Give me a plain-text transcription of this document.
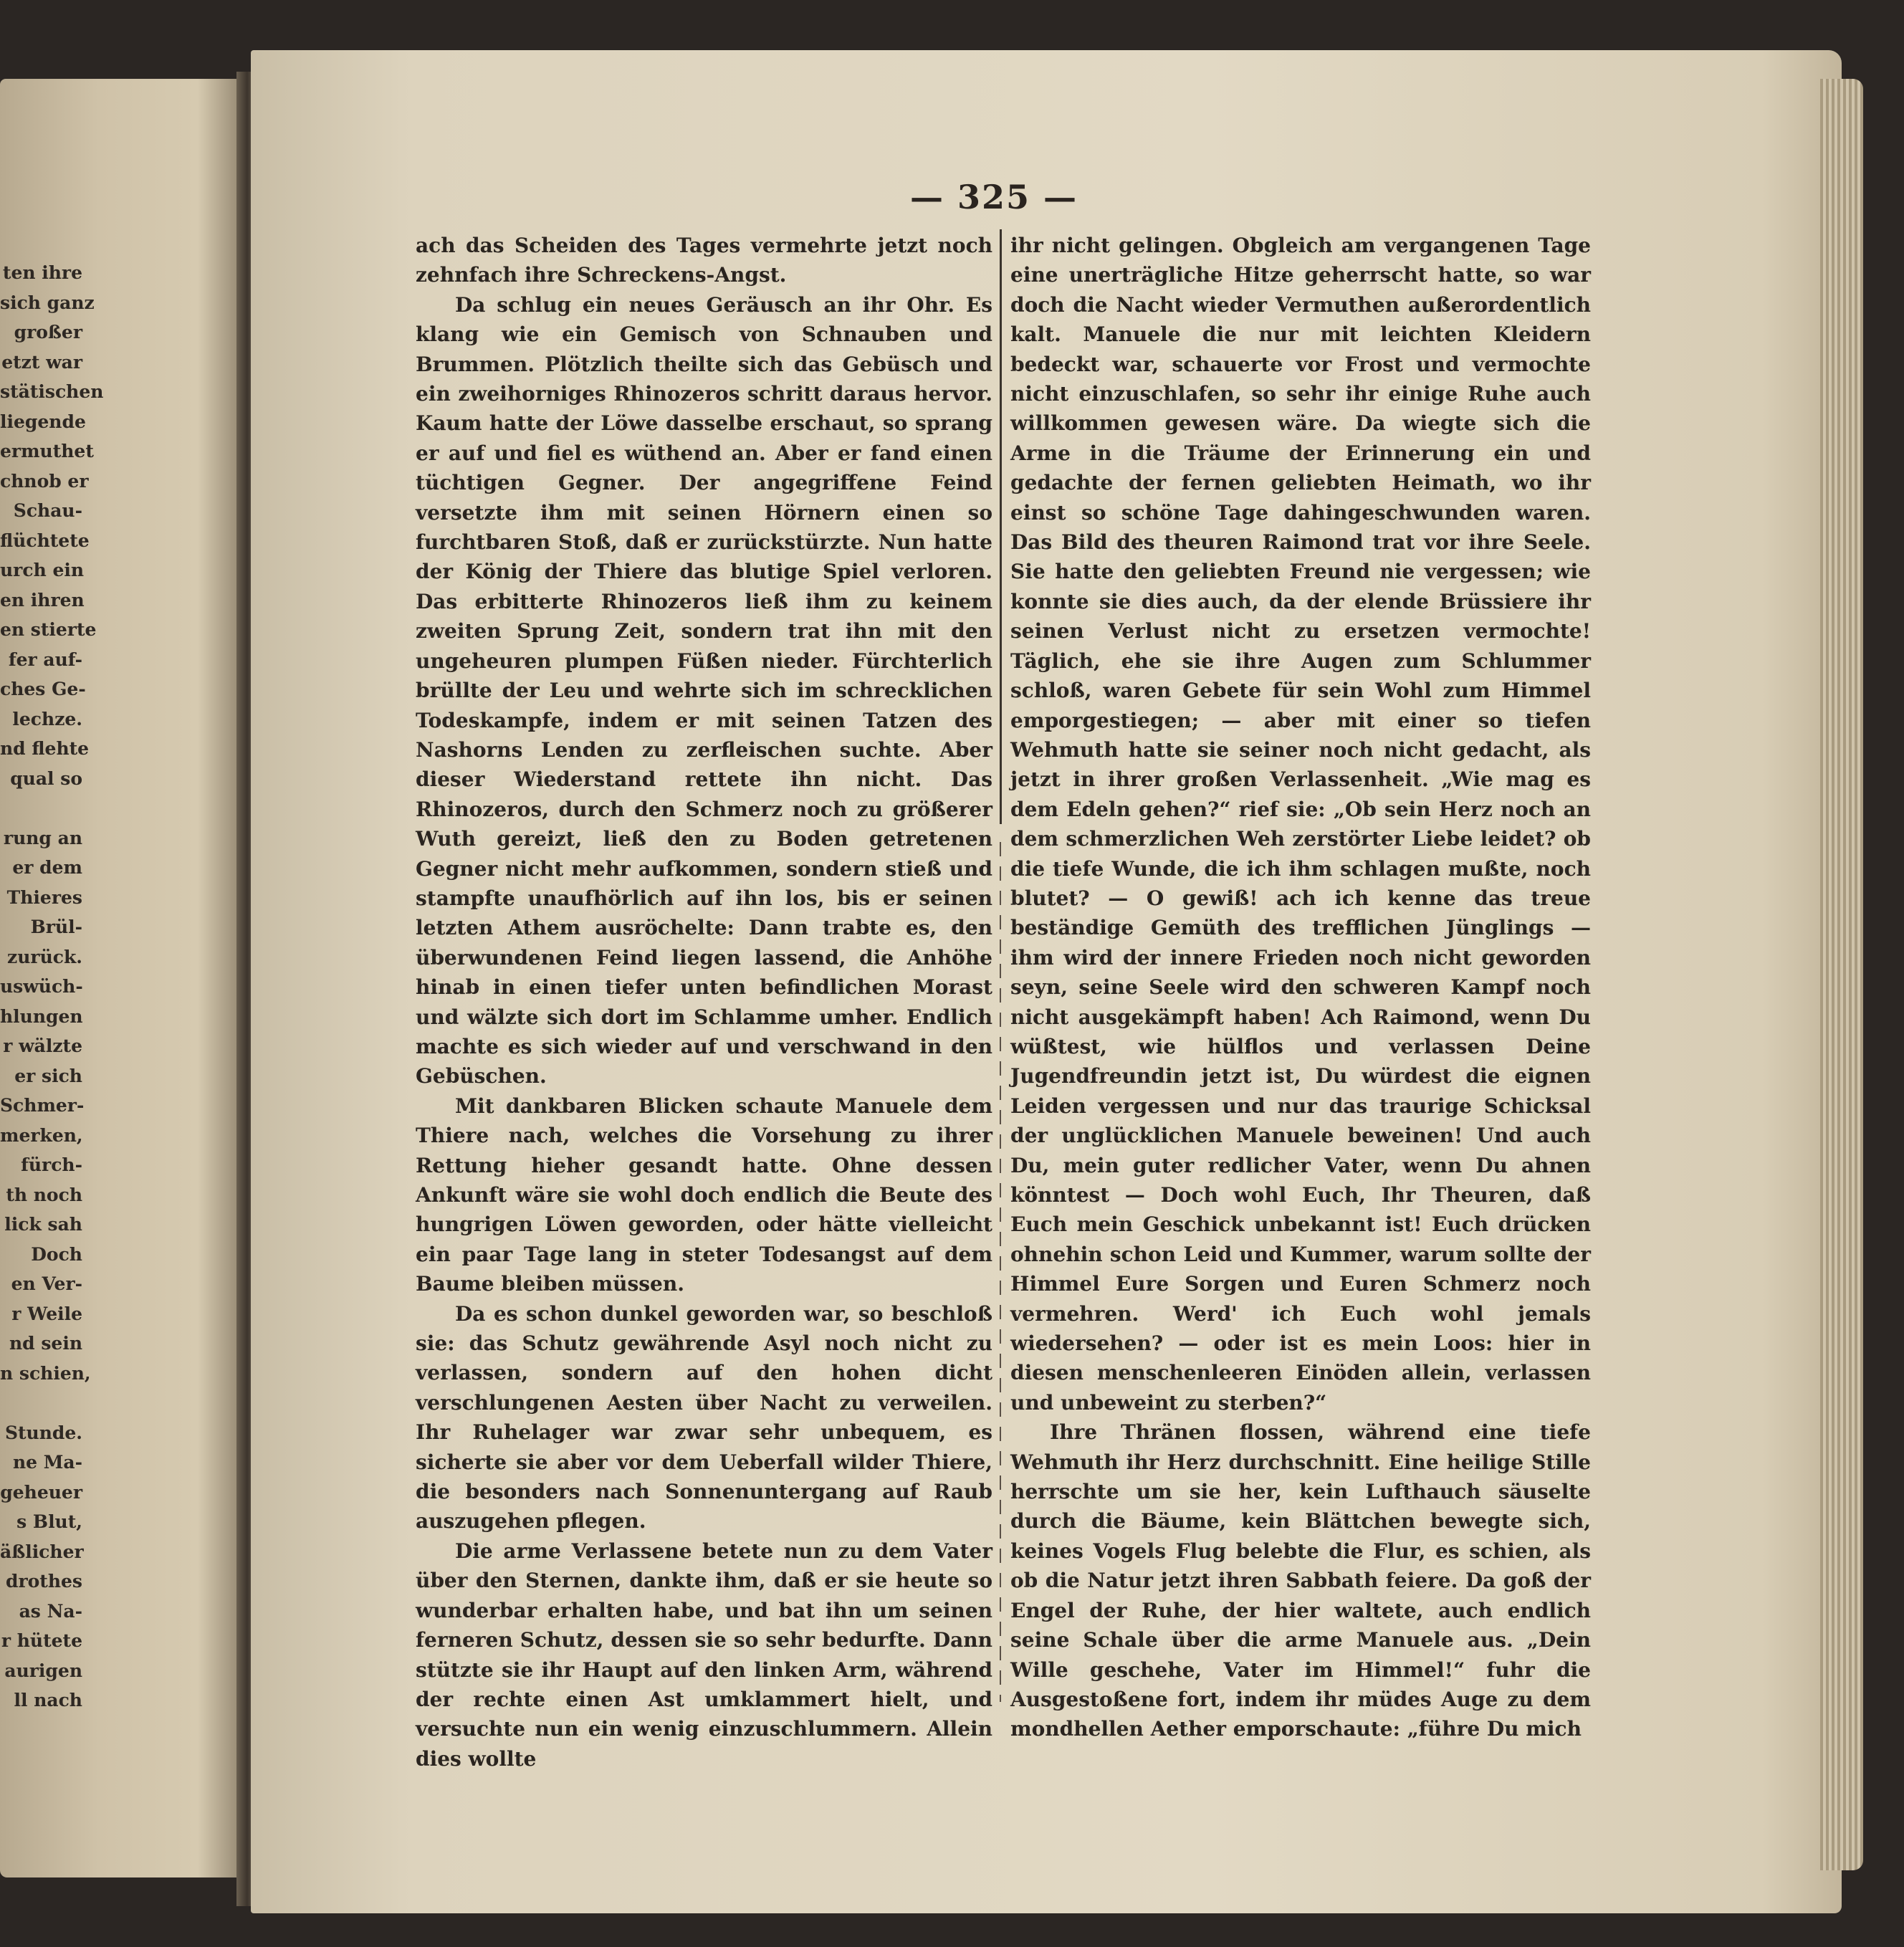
ten ihre
sich ganz
großer
etzt war
stätischen
liegende
ermuthet
chnob er
Schau-
flüchtete
urch ein
en ihren
en stierte
fer auf-
ches Ge-
lechze.
nd flehte
qual so
rung an
er dem
Thieres
Brül-
zurück.
uswüch-
hlungen
r wälzte
er sich
Schmer-
merken,
fürch-
th noch
lick sah
Doch
en Ver-
r Weile
nd sein
n schien,
Stunde.
ne Ma-
geheuer
s Blut,
äßlicher
drothes
as Na-
r hütete
aurigen
ll nach
— 325 —

ach das Scheiden des Tages vermehrte jetzt noch zehnfach ihre Schreckens-Angst.

Da schlug ein neues Geräusch an ihr Ohr. Es klang wie ein Gemisch von Schnauben und Brummen. Plötzlich theilte sich das Gebüsch und ein zweihorniges Rhinozeros schritt daraus hervor. Kaum hatte der Löwe dasselbe erschaut, so sprang er auf und fiel es wüthend an. Aber er fand einen tüchtigen Gegner. Der angegriffene Feind versetzte ihm mit seinen Hörnern einen so furchtbaren Stoß, daß er zurückstürzte. Nun hatte der König der Thiere das blutige Spiel verloren. Das erbitterte Rhinozeros ließ ihm zu keinem zweiten Sprung Zeit, sondern trat ihn mit den ungeheuren plumpen Füßen nieder. Fürchterlich brüllte der Leu und wehrte sich im schrecklichen Todeskampfe, indem er mit seinen Tatzen des Nashorns Lenden zu zerfleischen suchte. Aber dieser Wiederstand rettete ihn nicht. Das Rhinozeros, durch den Schmerz noch zu größerer Wuth gereizt, ließ den zu Boden getretenen Gegner nicht mehr aufkommen, sondern stieß und stampfte unaufhörlich auf ihn los, bis er seinen letzten Athem ausröchelte: Dann trabte es, den überwundenen Feind liegen lassend, die Anhöhe hinab in einen tiefer unten befindlichen Morast und wälzte sich dort im Schlamme umher. Endlich machte es sich wieder auf und verschwand in den Gebüschen.

Mit dankbaren Blicken schaute Manuele dem Thiere nach, welches die Vorsehung zu ihrer Rettung hieher gesandt hatte. Ohne dessen Ankunft wäre sie wohl doch endlich die Beute des hungrigen Löwen geworden, oder hätte vielleicht ein paar Tage lang in steter Todesangst auf dem Baume bleiben müssen.

Da es schon dunkel geworden war, so beschloß sie: das Schutz gewährende Asyl noch nicht zu verlassen, sondern auf den hohen dicht verschlungenen Aesten über Nacht zu verweilen. Ihr Ruhelager war zwar sehr unbequem, es sicherte sie aber vor dem Ueberfall wilder Thiere, die besonders nach Sonnenuntergang auf Raub auszugehen pflegen.

Die arme Verlassene betete nun zu dem Vater über den Sternen, dankte ihm, daß er sie heute so wunderbar erhalten habe, und bat ihn um seinen ferneren Schutz, dessen sie so sehr bedurfte. Dann stützte sie ihr Haupt auf den linken Arm, während der rechte einen Ast umklammert hielt, und versuchte nun ein wenig einzuschlummern. Allein dies wollte

ihr nicht gelingen. Obgleich am vergangenen Tage eine unerträgliche Hitze geherrscht hatte, so war doch die Nacht wieder Vermuthen außerordentlich kalt. Manuele die nur mit leichten Kleidern bedeckt war, schauerte vor Frost und vermochte nicht einzuschlafen, so sehr ihr einige Ruhe auch willkommen gewesen wäre. Da wiegte sich die Arme in die Träume der Erinnerung ein und gedachte der fernen geliebten Heimath, wo ihr einst so schöne Tage dahingeschwunden waren. Das Bild des theuren Raimond trat vor ihre Seele. Sie hatte den geliebten Freund nie vergessen; wie konnte sie dies auch, da der elende Brüssiere ihr seinen Verlust nicht zu ersetzen vermochte! Täglich, ehe sie ihre Augen zum Schlummer schloß, waren Gebete für sein Wohl zum Himmel emporgestiegen; — aber mit einer so tiefen Wehmuth hatte sie seiner noch nicht gedacht, als jetzt in ihrer großen Verlassenheit. „Wie mag es dem Edeln gehen?“ rief sie: „Ob sein Herz noch an dem schmerzlichen Weh zerstörter Liebe leidet? ob die tiefe Wunde, die ich ihm schlagen mußte, noch blutet? — O gewiß! ach ich kenne das treue beständige Gemüth des trefflichen Jünglings — ihm wird der innere Frieden noch nicht geworden seyn, seine Seele wird den schweren Kampf noch nicht ausgekämpft haben! Ach Raimond, wenn Du wüßtest, wie hülflos und verlassen Deine Jugendfreundin jetzt ist, Du würdest die eignen Leiden vergessen und nur das traurige Schicksal der unglücklichen Manuele beweinen! Und auch Du, mein guter redlicher Vater, wenn Du ahnen könntest — Doch wohl Euch, Ihr Theuren, daß Euch mein Geschick unbekannt ist! Euch drücken ohnehin schon Leid und Kummer, warum sollte der Himmel Eure Sorgen und Euren Schmerz noch vermehren. Werd' ich Euch wohl jemals wiedersehen? — oder ist es mein Loos: hier in diesen menschenleeren Einöden allein, verlassen und unbeweint zu sterben?“

Ihre Thränen flossen, während eine tiefe Wehmuth ihr Herz durchschnitt. Eine heilige Stille herrschte um sie her, kein Lufthauch säuselte durch die Bäume, kein Blättchen bewegte sich, keines Vogels Flug belebte die Flur, es schien, als ob die Natur jetzt ihren Sabbath feiere. Da goß der Engel der Ruhe, der hier waltete, auch endlich seine Schale über die arme Manuele aus. „Dein Wille geschehe, Vater im Himmel!“ fuhr die Ausgestoßene fort, indem ihr müdes Auge zu dem mondhellen Aether emporschaute: „führe Du mich
